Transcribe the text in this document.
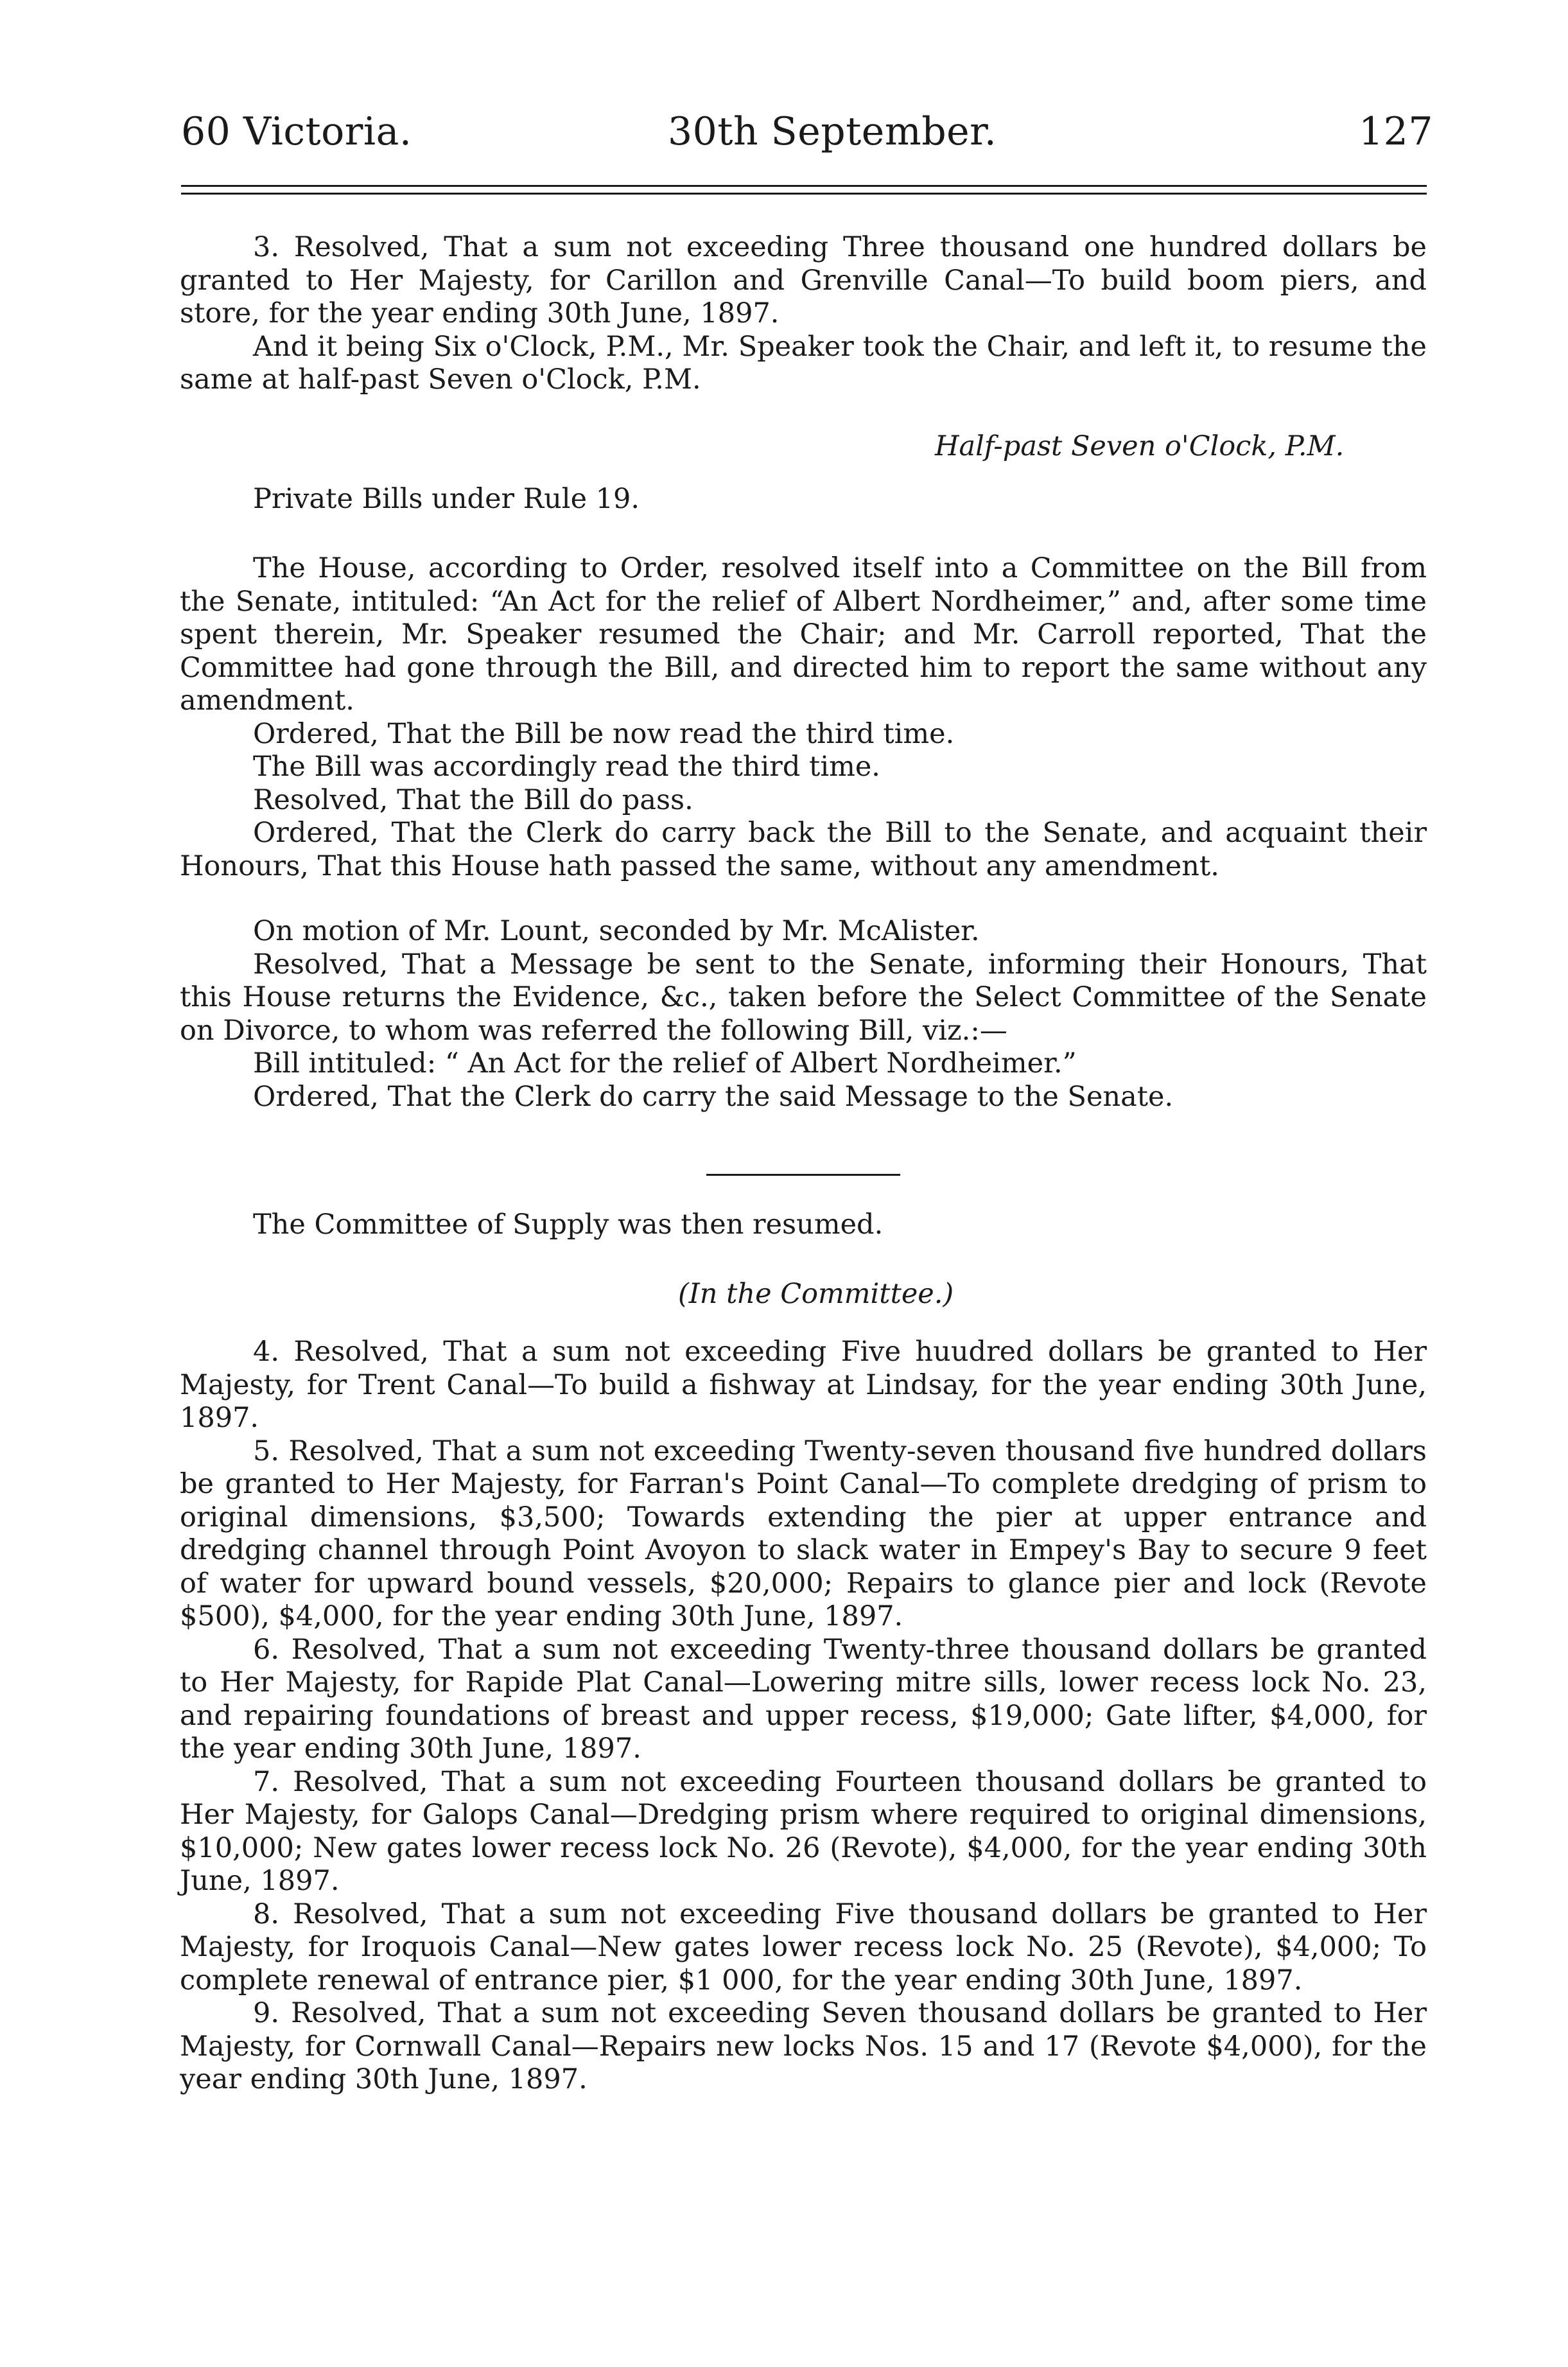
60 Victoria.	30th September.	127

3. Resolved, That a sum not exceeding Three thousand one hundred dollars be granted to Her Majesty, for Carillon and Grenville Canal—To build boom piers, and store, for the year ending 30th June, 1897.

And it being Six o'Clock, P.M., Mr. Speaker took the Chair, and left it, to resume the same at half-past Seven o'Clock, P.M.

Half-past Seven o'Clock, P.M.
Private Bills under Rule 19.

The House, according to Order, resolved itself into a Committee on the Bill from the Senate, intituled: “An Act for the relief of Albert Nordheimer,” and, after some time spent therein, Mr. Speaker resumed the Chair; and Mr. Carroll reported, That the Committee had gone through the Bill, and directed him to report the same without any amendment.

Ordered, That the Bill be now read the third time.

The Bill was accordingly read the third time.

Resolved, That the Bill do pass.

Ordered, That the Clerk do carry back the Bill to the Senate, and acquaint their Honours, That this House hath passed the same, without any amendment.

On motion of Mr. Lount, seconded by Mr. McAlister.

Resolved, That a Message be sent to the Senate, informing their Honours, That this House returns the Evidence, &c., taken before the Select Committee of the Senate on Divorce, to whom was referred the following Bill, viz.:—

Bill intituled: “ An Act for the relief of Albert Nordheimer.”

Ordered, That the Clerk do carry the said Message to the Senate.

The Committee of Supply was then resumed.
(In the Committee.)

4. Resolved, That a sum not exceeding Five huudred dollars be granted to Her Majesty, for Trent Canal—To build a fishway at Lindsay, for the year ending 30th June, 1897.

5. Resolved, That a sum not exceeding Twenty-seven thousand five hundred dollars be granted to Her Majesty, for Farran's Point Canal—To complete dredging of prism to original dimensions, $3,500; Towards extending the pier at upper entrance and dredging channel through Point Avoyon to slack water in Empey's Bay to secure 9 feet of water for upward bound vessels, $20,000; Repairs to glance pier and lock (Revote $500), $4,000, for the year ending 30th June, 1897.

6. Resolved, That a sum not exceeding Twenty-three thousand dollars be granted to Her Majesty, for Rapide Plat Canal—Lowering mitre sills, lower recess lock No. 23, and repairing foundations of breast and upper recess, $19,000; Gate lifter, $4,000, for the year ending 30th June, 1897.

7. Resolved, That a sum not exceeding Fourteen thousand dollars be granted to Her Majesty, for Galops Canal—Dredging prism where required to original dimensions, $10,000; New gates lower recess lock No. 26 (Revote), $4,000, for the year ending 30th June, 1897.

8. Resolved, That a sum not exceeding Five thousand dollars be granted to Her Majesty, for Iroquois Canal—New gates lower recess lock No. 25 (Revote), $4,000; To complete renewal of entrance pier, $1 000, for the year ending 30th June, 1897.

9. Resolved, That a sum not exceeding Seven thousand dollars be granted to Her Majesty, for Cornwall Canal—Repairs new locks Nos. 15 and 17 (Revote $4,000), for the year ending 30th June, 1897.
